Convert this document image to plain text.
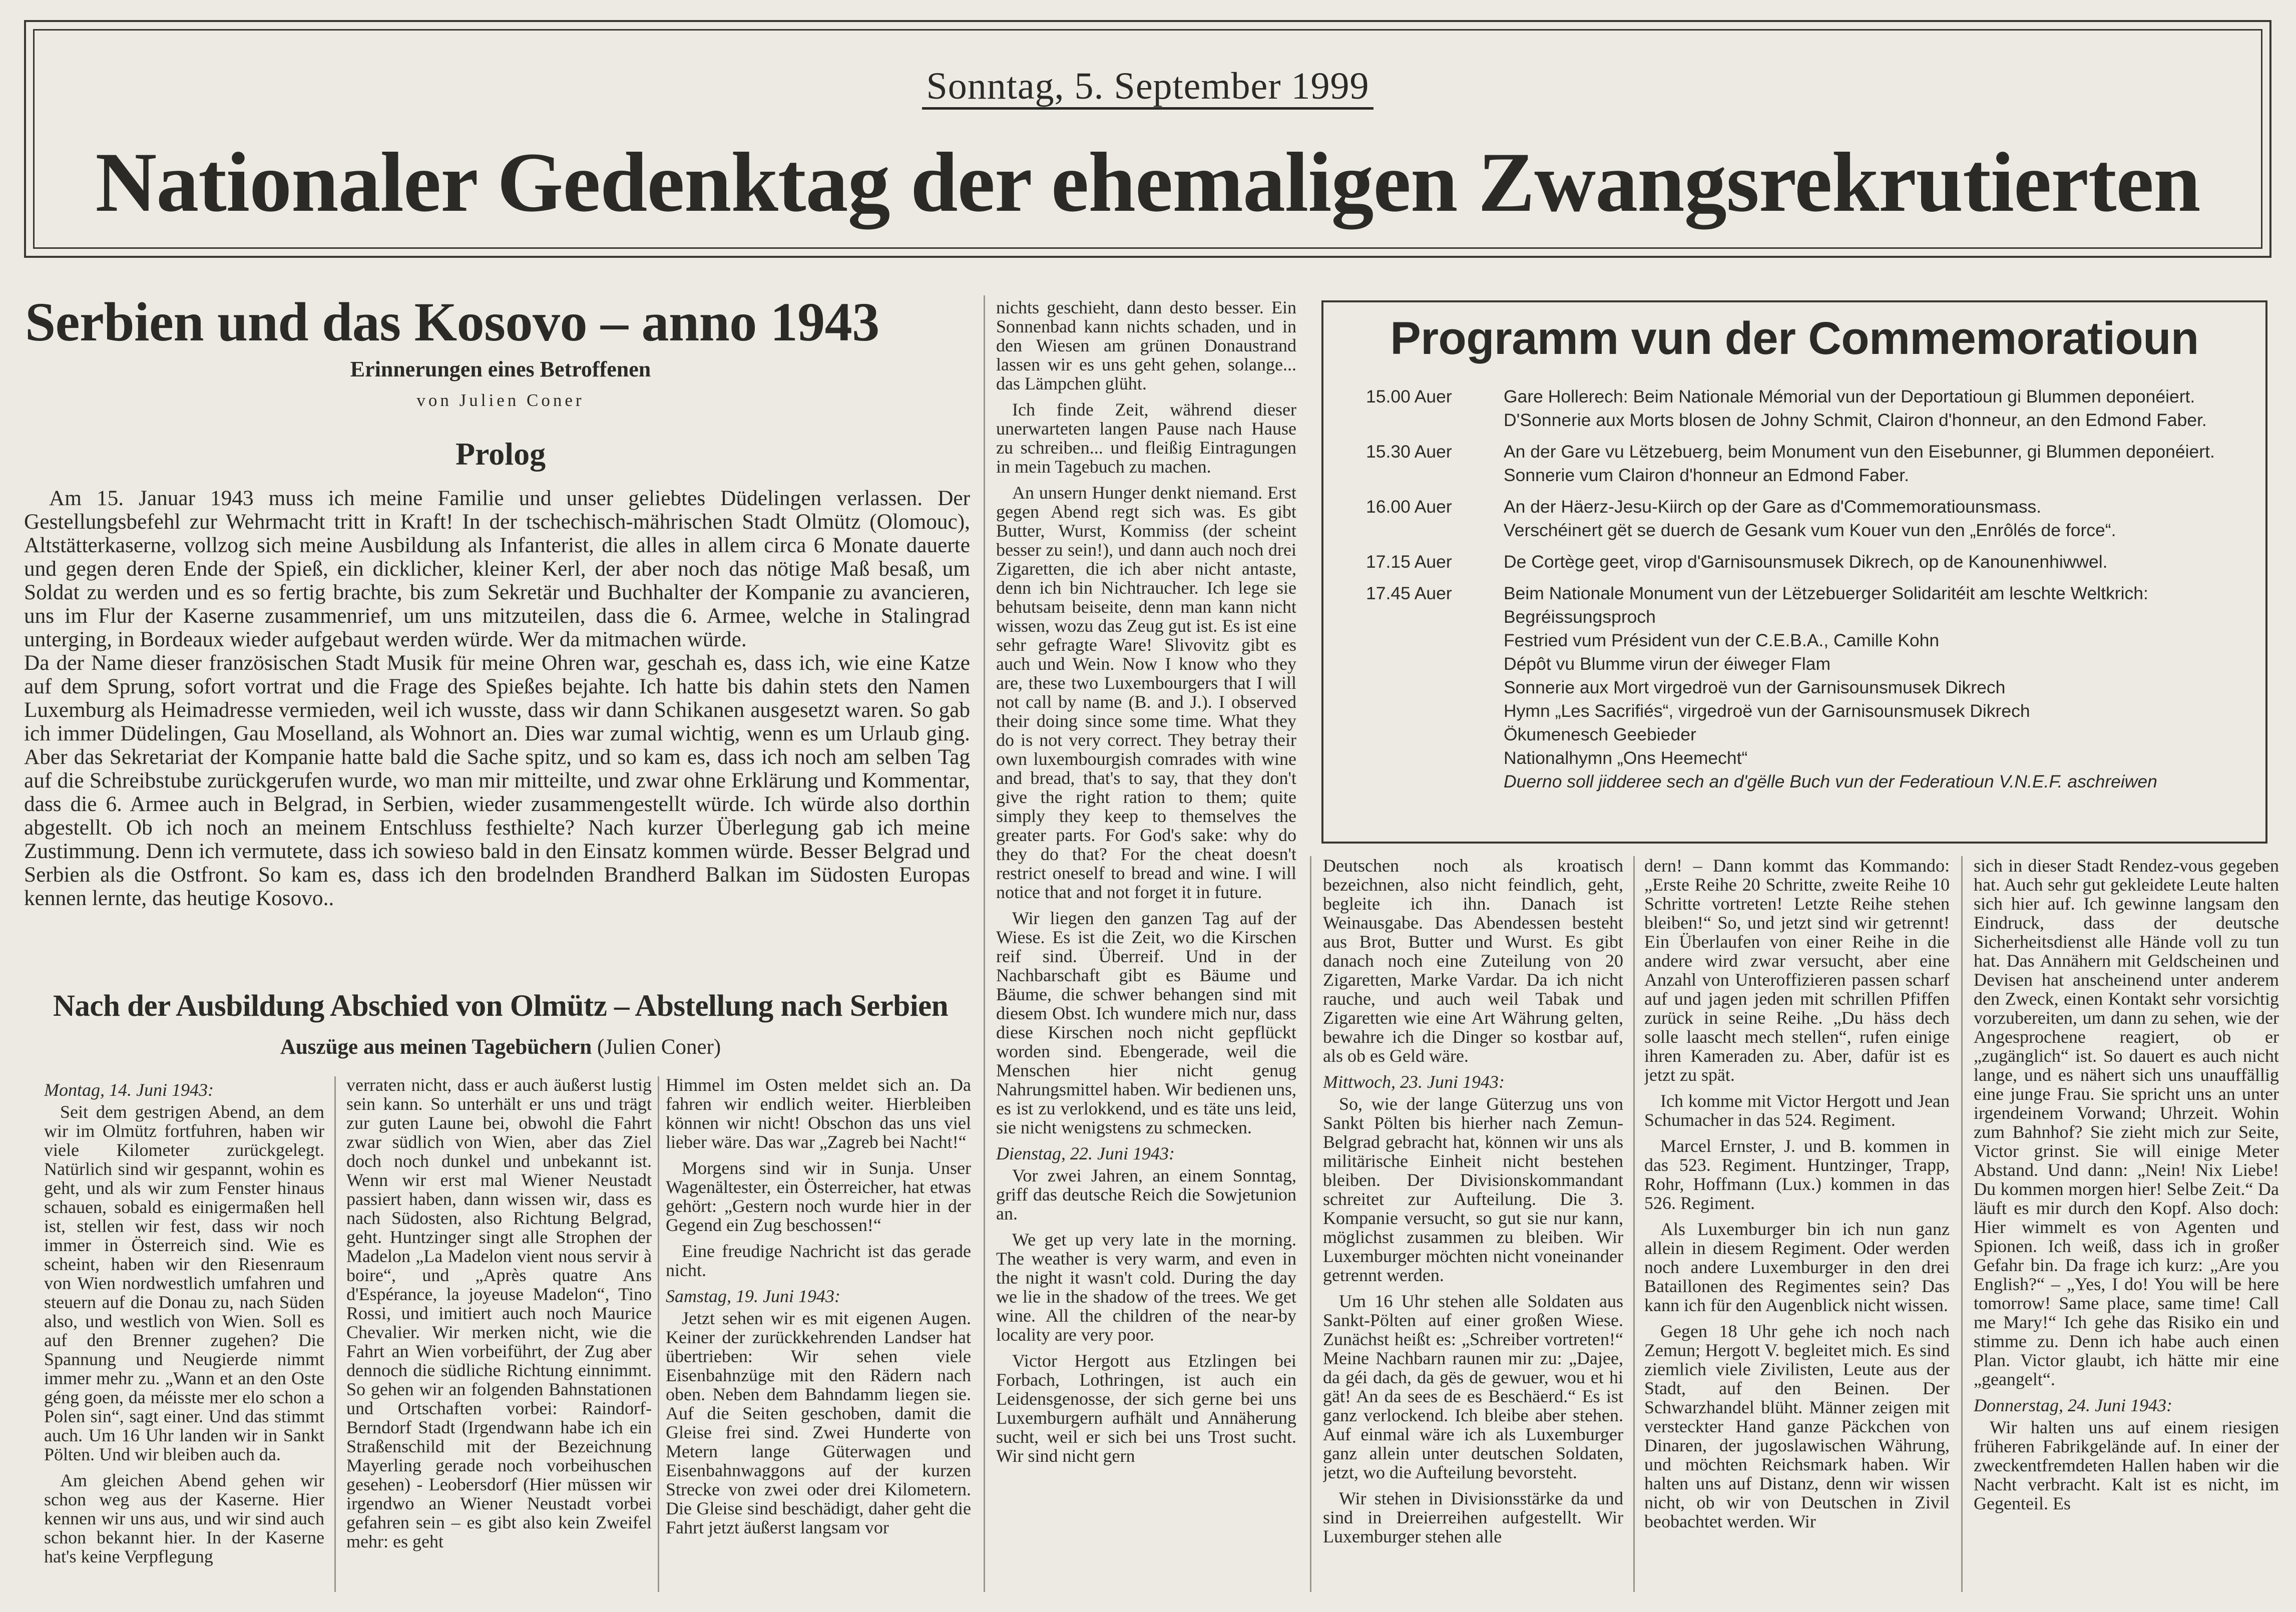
Sonntag, 5. September 1999
Nationaler Gedenktag der ehemaligen Zwangsrekrutierten
Serbien und das Kosovo – anno 1943
Erinnerungen eines Betroffenen
von Julien Coner
Prolog

Am 15. Januar 1943 muss ich meine Familie und unser geliebtes Düdelingen verlassen. Der Gestellungsbefehl zur Wehrmacht tritt in Kraft! In der tschechisch-mährischen Stadt Olmütz (Olomouc), Altstätterkaserne, vollzog sich meine Ausbildung als Infanterist, die alles in allem circa 6 Monate dauerte und gegen deren Ende der Spieß, ein dicklicher, kleiner Kerl, der aber noch das nötige Maß besaß, um Soldat zu werden und es so fertig brachte, bis zum Sekretär und Buchhalter der Kompanie zu avancieren, uns im Flur der Kaserne zusammenrief, um uns mitzuteilen, dass die 6. Armee, welche in Stalingrad unterging, in Bordeaux wieder aufgebaut werden würde. Wer da mitmachen würde.

Da der Name dieser französischen Stadt Musik für meine Ohren war, geschah es, dass ich, wie eine Katze auf dem Sprung, sofort vortrat und die Frage des Spießes bejahte. Ich hatte bis dahin stets den Namen Luxemburg als Heimadresse vermieden, weil ich wusste, dass wir dann Schikanen ausgesetzt waren. So gab ich immer Düdelingen, Gau Moselland, als Wohnort an. Dies war zumal wichtig, wenn es um Urlaub ging. Aber das Sekretariat der Kompanie hatte bald die Sache spitz, und so kam es, dass ich noch am selben Tag auf die Schreibstube zurückgerufen wurde, wo man mir mitteilte, und zwar ohne Erklärung und Kommentar, dass die 6. Armee auch in Belgrad, in Serbien, wieder zusammengestellt würde. Ich würde also dorthin abgestellt. Ob ich noch an meinem Entschluss festhielte? Nach kurzer Überlegung gab ich meine Zustimmung. Denn ich vermutete, dass ich sowieso bald in den Einsatz kommen würde. Besser Belgrad und Serbien als die Ostfront. So kam es, dass ich den brodelnden Brandherd Balkan im Südosten Europas kennen lernte, das heutige Kosovo..

Nach der Ausbildung Abschied von Olmütz – Abstellung nach Serbien
Auszüge aus meinen Tagebüchern (Julien Coner)

Montag, 14. Juni 1943:

Seit dem gestrigen Abend, an dem wir im Olmütz fortfuhren, haben wir viele Kilometer zurückgelegt. Natürlich sind wir gespannt, wohin es geht, und als wir zum Fenster hinaus schauen, sobald es einigermaßen hell ist, stellen wir fest, dass wir noch immer in Österreich sind. Wie es scheint, haben wir den Riesenraum von Wien nordwestlich umfahren und steuern auf die Donau zu, nach Süden also, und westlich von Wien. Soll es auf den Brenner zugehen? Die Spannung und Neugierde nimmt immer mehr zu. „Wann et an den Oste géng goen, da méisste mer elo schon a Polen sin“, sagt einer. Und das stimmt auch. Um 16 Uhr landen wir in Sankt Pölten. Und wir bleiben auch da.

Am gleichen Abend gehen wir schon weg aus der Kaserne. Hier kennen wir uns aus, und wir sind auch schon bekannt hier. In der Kaserne hat's keine Verpflegung

verraten nicht, dass er auch äußerst lustig sein kann. So unterhält er uns und trägt zur guten Laune bei, obwohl die Fahrt zwar südlich von Wien, aber das Ziel doch noch dunkel und unbekannt ist. Wenn wir erst mal Wiener Neustadt passiert haben, dann wissen wir, dass es nach Südosten, also Richtung Belgrad, geht. Huntzinger singt alle Strophen der Madelon „La Madelon vient nous servir à boire“, und „Après quatre Ans d'Espérance, la joyeuse Madelon“, Tino Rossi, und imitiert auch noch Maurice Chevalier. Wir merken nicht, wie die Fahrt an Wien vorbeiführt, der Zug aber dennoch die südliche Richtung einnimmt. So gehen wir an folgenden Bahnstationen und Ortschaften vorbei: Raindorf-Berndorf Stadt (Irgendwann habe ich ein Straßenschild mit der Bezeichnung Mayerling gerade noch vorbeihuschen gesehen) - Leobersdorf (Hier müssen wir irgendwo an Wiener Neustadt vorbei gefahren sein – es gibt also kein Zweifel mehr: es geht

Himmel im Osten meldet sich an. Da fahren wir endlich weiter. Hierbleiben können wir nicht! Obschon das uns viel lieber wäre. Das war „Zagreb bei Nacht!“

Morgens sind wir in Sunja. Unser Wagenältester, ein Österreicher, hat etwas gehört: „Gestern noch wurde hier in der Gegend ein Zug beschossen!“

Eine freudige Nachricht ist das gerade nicht.

Samstag, 19. Juni 1943:

Jetzt sehen wir es mit eigenen Augen. Keiner der zurückkehrenden Landser hat übertrieben: Wir sehen viele Eisenbahnzüge mit den Rädern nach oben. Neben dem Bahndamm liegen sie. Auf die Seiten geschoben, damit die Gleise frei sind. Zwei Hunderte von Metern lange Güterwagen und Eisenbahnwaggons auf der kurzen Strecke von zwei oder drei Kilometern. Die Gleise sind beschädigt, daher geht die Fahrt jetzt äußerst langsam vor

nichts geschieht, dann desto besser. Ein Sonnenbad kann nichts schaden, und in den Wiesen am grünen Donaustrand lassen wir es uns geht gehen, solange... das Lämpchen glüht.

Ich finde Zeit, während dieser unerwarteten langen Pause nach Hause zu schreiben... und fleißig Eintragungen in mein Tagebuch zu machen.

An unsern Hunger denkt niemand. Erst gegen Abend regt sich was. Es gibt Butter, Wurst, Kommiss (der scheint besser zu sein!), und dann auch noch drei Zigaretten, die ich aber nicht antaste, denn ich bin Nichtraucher. Ich lege sie behutsam beiseite, denn man kann nicht wissen, wozu das Zeug gut ist. Es ist eine sehr gefragte Ware! Slivovitz gibt es auch und Wein. Now I know who they are, these two Luxembourgers that I will not call by name (B. and J.). I observed their doing since some time. What they do is not very correct. They betray their own luxembourgish comrades with wine and bread, that's to say, that they don't give the right ration to them; quite simply they keep to themselves the greater parts. For God's sake: why do they do that? For the cheat doesn't restrict oneself to bread and wine. I will notice that and not forget it in future.

Wir liegen den ganzen Tag auf der Wiese. Es ist die Zeit, wo die Kirschen reif sind. Überreif. Und in der Nachbarschaft gibt es Bäume und Bäume, die schwer behangen sind mit diesem Obst. Ich wundere mich nur, dass diese Kirschen noch nicht gepflückt worden sind. Ebengerade, weil die Menschen hier nicht genug Nahrungsmittel haben. Wir bedienen uns, es ist zu verlokkend, und es täte uns leid, sie nicht wenigstens zu schmecken.

Dienstag, 22. Juni 1943:

Vor zwei Jahren, an einem Sonntag, griff das deutsche Reich die Sowjetunion an.

We get up very late in the morning. The weather is very warm, and even in the night it wasn't cold. During the day we lie in the shadow of the trees. We get wine. All the children of the near-by locality are very poor.

Victor Hergott aus Etzlingen bei Forbach, Lothringen, ist auch ein Leidensgenosse, der sich gerne bei uns Luxemburgern aufhält und Annäherung sucht, weil er sich bei uns Trost sucht. Wir sind nicht gern

Programm vun der Commemoratioun
15.00 Auer	Gare Hollerech: Beim Nationale Mémorial vun der Deportatioun gi Blummen deponéiert.
D'Sonnerie aux Morts blosen de Johny Schmit, Clairon d'honneur, an den Edmond Faber.
15.30 Auer	An der Gare vu Lëtzebuerg, beim Monument vun den Eisebunner, gi Blummen deponéiert.
Sonnerie vum Clairon d'honneur an Edmond Faber.
16.00 Auer	An der Häerz-Jesu-Kiirch op der Gare as d'Commemoratiounsmass.
Verschéinert gët se duerch de Gesank vum Kouer vun den „Enrôlés de force“.
17.15 Auer	De Cortège geet, virop d'Garnisounsmusek Dikrech, op de Kanounenhiwwel.
17.45 Auer	Beim Nationale Monument vun der Lëtzebuerger Solidaritéit am leschte Weltkrich:
Begréissungsproch
Festried vum Président vun der C.E.B.A., Camille Kohn
Dépôt vu Blumme virun der éiweger Flam
Sonnerie aux Mort virgedroë vun der Garnisounsmusek Dikrech
Hymn „Les Sacrifiés“, virgedroë vun der Garnisounsmusek Dikrech
Ökumenesch Geebieder
Nationalhymn „Ons Heemecht“
Duerno soll jiddereе sech an d'gëlle Buch vun der Federatioun V.N.E.F. aschreiwen

Deutschen noch als kroatisch bezeichnen, also nicht feindlich, geht, begleite ich ihn. Danach ist Weinausgabe. Das Abendessen besteht aus Brot, Butter und Wurst. Es gibt danach noch eine Zuteilung von 20 Zigaretten, Marke Vardar. Da ich nicht rauche, und auch weil Tabak und Zigaretten wie eine Art Währung gelten, bewahre ich die Dinger so kostbar auf, als ob es Geld wäre.

Mittwoch, 23. Juni 1943:

So, wie der lange Güterzug uns von Sankt Pölten bis hierher nach Zemun-Belgrad gebracht hat, können wir uns als militärische Einheit nicht bestehen bleiben. Der Divisionskommandant schreitet zur Aufteilung. Die 3. Kompanie versucht, so gut sie nur kann, möglichst zusammen zu bleiben. Wir Luxemburger möchten nicht voneinander getrennt werden.

Um 16 Uhr stehen alle Soldaten aus Sankt-Pölten auf einer großen Wiese. Zunächst heißt es: „Schreiber vortreten!“ Meine Nachbarn raunen mir zu: „Dajee, da géi dach, da gës de gewuer, wou et hi gät! An da sees de es Beschäerd.“ Es ist ganz verlockend. Ich bleibe aber stehen. Auf einmal wäre ich als Luxemburger ganz allein unter deutschen Soldaten, jetzt, wo die Aufteilung bevorsteht.

Wir stehen in Divisionsstärke da und sind in Dreierreihen aufgestellt. Wir Luxemburger stehen alle

dern! – Dann kommt das Kommando: „Erste Reihe 20 Schritte, zweite Reihe 10 Schritte vortreten! Letzte Reihe stehen bleiben!“ So, und jetzt sind wir getrennt! Ein Überlaufen von einer Reihe in die andere wird zwar versucht, aber eine Anzahl von Unteroffizieren passen scharf auf und jagen jeden mit schrillen Pfiffen zurück in seine Reihe. „Du häss dech solle laascht mech stellen“, rufen einige ihren Kameraden zu. Aber, dafür ist es jetzt zu spät.

Ich komme mit Victor Hergott und Jean Schumacher in das 524. Regiment.

Marcel Ernster, J. und B. kommen in das 523. Regiment. Huntzinger, Trapp, Rohr, Hoffmann (Lux.) kommen in das 526. Regiment.

Als Luxemburger bin ich nun ganz allein in diesem Regiment. Oder werden noch andere Luxemburger in den drei Bataillonen des Regimentes sein? Das kann ich für den Augenblick nicht wissen.

Gegen 18 Uhr gehe ich noch nach Zemun; Hergott V. begleitet mich. Es sind ziemlich viele Zivilisten, Leute aus der Stadt, auf den Beinen. Der Schwarzhandel blüht. Männer zeigen mit versteckter Hand ganze Päckchen von Dinaren, der jugoslawischen Währung, und möchten Reichsmark haben. Wir halten uns auf Distanz, denn wir wissen nicht, ob wir von Deutschen in Zivil beobachtet werden. Wir

sich in dieser Stadt Rendez-vous gegeben hat. Auch sehr gut gekleidete Leute halten sich hier auf. Ich gewinne langsam den Eindruck, dass der deutsche Sicherheitsdienst alle Hände voll zu tun hat. Das Annähern mit Geldscheinen und Devisen hat anscheinend unter anderem den Zweck, einen Kontakt sehr vorsichtig vorzubereiten, um dann zu sehen, wie der Angesprochene reagiert, ob er „zugänglich“ ist. So dauert es auch nicht lange, und es nähert sich uns unauffällig eine junge Frau. Sie spricht uns an unter irgendeinem Vorwand; Uhrzeit. Wohin zum Bahnhof? Sie zieht mich zur Seite, Victor grinst. Sie will einige Meter Abstand. Und dann: „Nein! Nix Liebe! Du kommen morgen hier! Selbe Zeit.“ Da läuft es mir durch den Kopf. Also doch: Hier wimmelt es von Agenten und Spionen. Ich weiß, dass ich in großer Gefahr bin. Da frage ich kurz: „Are you English?“ – „Yes, I do! You will be here tomorrow! Same place, same time! Call me Mary!“ Ich gehe das Risiko ein und stimme zu. Denn ich habe auch einen Plan. Victor glaubt, ich hätte mir eine „geangelt“.

Donnerstag, 24. Juni 1943:

Wir halten uns auf einem riesigen früheren Fabrikgelände auf. In einer der zweckentfremdeten Hallen haben wir die Nacht verbracht. Kalt ist es nicht, im Gegenteil. Es
